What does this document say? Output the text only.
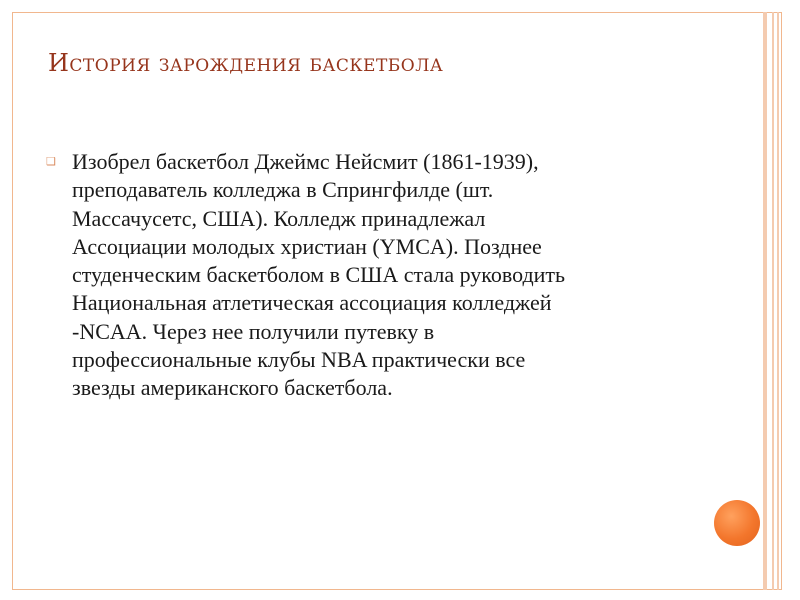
История зарождения баскетбола
❑ Изобрел баскетбол Джеймс Нейсмит (1861-1939),
преподаватель колледжа в Спрингфилде (шт.
Массачусетс, США). Колледж принадлежал
Ассоциации молодых христиан (YMCA). Позднее
студенческим баскетболом в США стала руководить
Национальная атлетическая ассоциация колледжей
-NCAA. Через нее получили путевку в
профессиональные клубы NBA практически все
звезды американского баскетбола.
